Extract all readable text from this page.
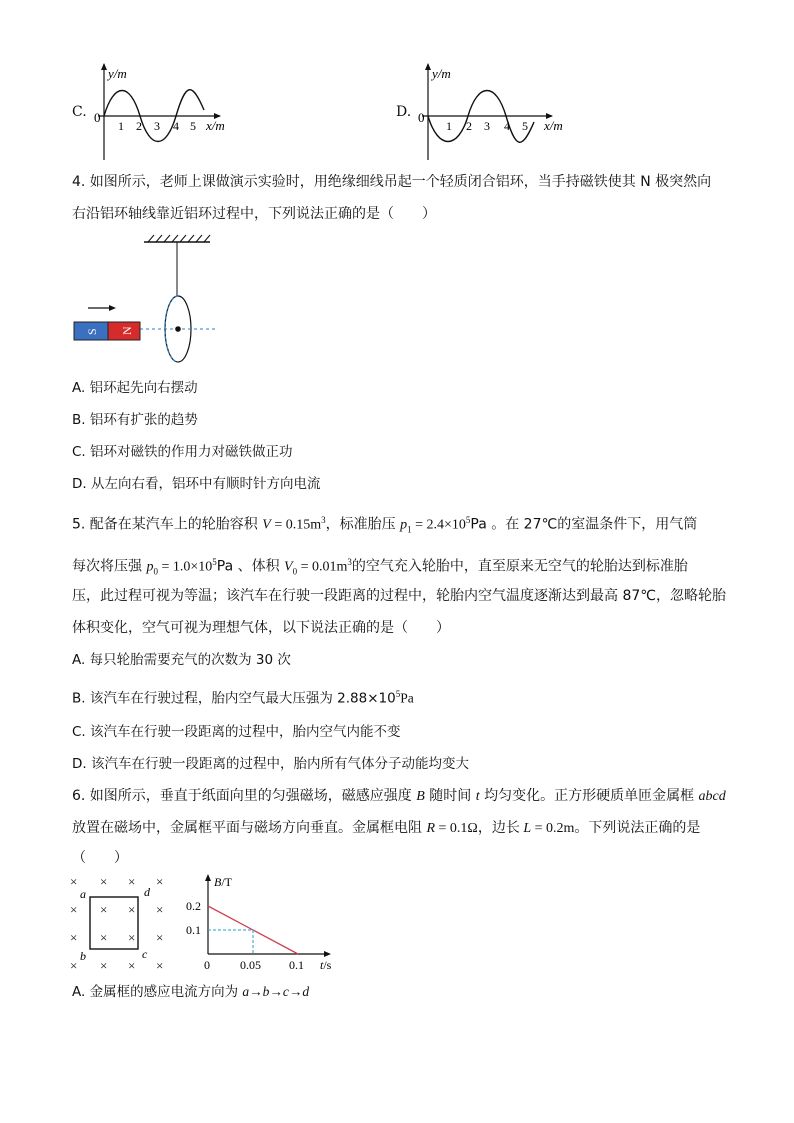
C.
y/m
0
1 2 3 4 5 x/m
D.
y/m
0
1 2 3 4 5 x/m
4. 如图所示，老师上课做演示实验时，用绝缘细线吊起一个轻质闭合铝环，当手持磁铁使其 N 极突然向
右沿铝环轴线靠近铝环过程中，下列说法正确的是（　　）
S N
A. 铝环起先向右摆动
B. 铝环有扩张的趋势
C. 铝环对磁铁的作用力对磁铁做正功
D. 从左向右看，铝环中有顺时针方向电流
5. 配备在某汽车上的轮胎容积 $V = 0.15m^3$，标准胎压 $p_1 = 2.4\times 10^5Pa$ 。在 27℃的室温条件下，用气筒
每次将压强 $p_0 = 1.0\times 10^5Pa$ 、体积 $V_0 = 0.01m^3$的空气充入轮胎中，直至原来无空气的轮胎达到标准胎
压，此过程可视为等温；该汽车在行驶一段距离的过程中，轮胎内空气温度逐渐达到最高 87℃，忽略轮胎
体积变化，空气可视为理想气体，以下说法正确的是（　　）
A. 每只轮胎需要充气的次数为 30 次
B. 该汽车在行驶过程，胎内空气最大压强为 $2.88\times 10^5Pa$
C. 该汽车在行驶一段距离的过程中，胎内空气内能不变
D. 该汽车在行驶一段距离的过程中，胎内所有气体分子动能均变大
6. 如图所示，垂直于纸面向里的匀强磁场，磁感应强度 B 随时间 t 均匀变化。正方形硬质单匝金属框 abcd
放置在磁场中，金属框平面与磁场方向垂直。金属框电阻 R = 0.1Ω，边长 L = 0.2m。下列说法正确的是
（　　）
× × × ×
× × × ×
× × × ×
× × × ×
a
b	c
d
B/T
0.2
0.1
0	0.05 0.1 t/s
A. 金属框的感应电流方向为 a→b→c→d
